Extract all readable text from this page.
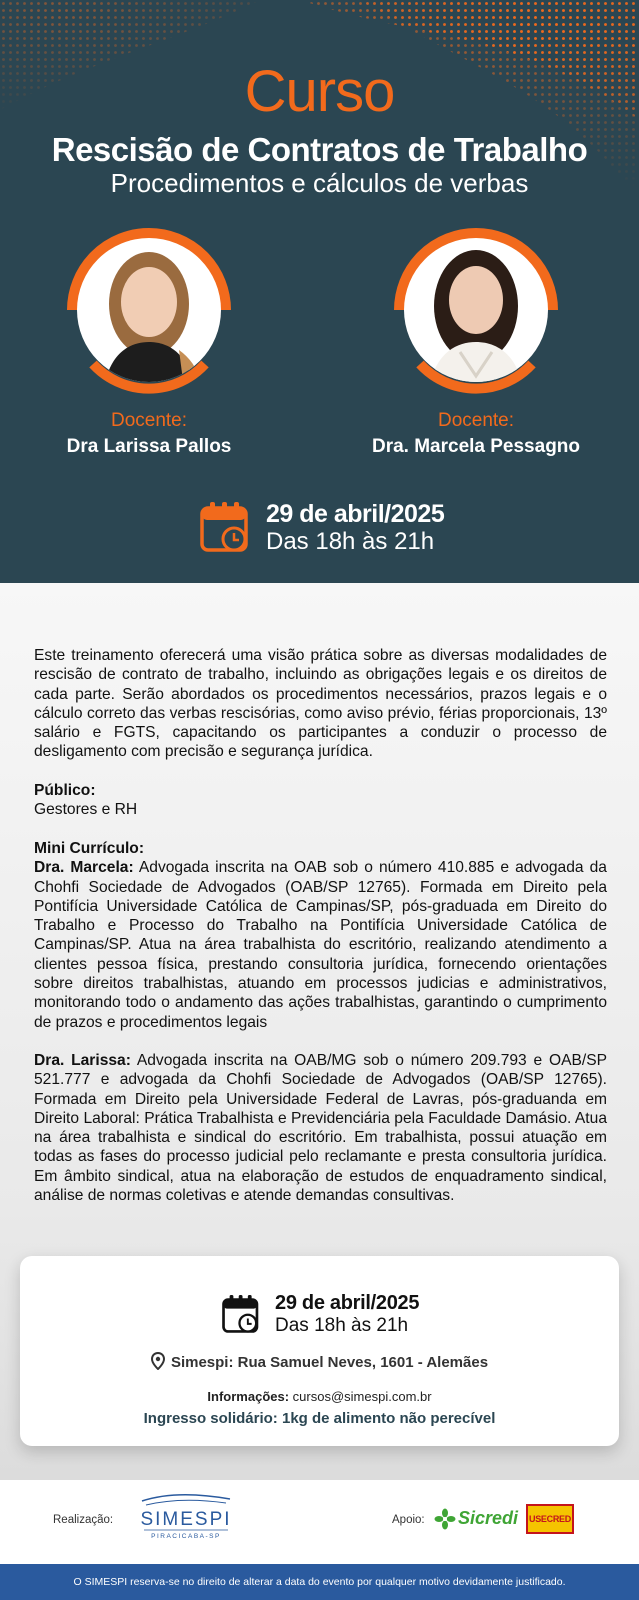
Curso
Rescisão de Contratos de Trabalho
Procedimentos e cálculos de verbas
Docente:
Dra Larissa Pallos
Docente:
Dra. Marcela Pessagno
29 de abril/2025
Das 18h às 21h

Este treinamento oferecerá uma visão prática sobre as diversas modalidades de rescisão de contrato de trabalho, incluindo as obrigações legais e os direitos de cada parte. Serão abordados os procedimentos necessários, prazos legais e o cálculo correto das verbas rescisórias, como aviso prévio, férias proporcionais, 13º salário e FGTS, capacitando os participantes a conduzir o processo de desligamento com precisão e segurança jurídica.

Público:
Gestores e RH
Mini Currículo:

Dra. Marcela: Advogada inscrita na OAB sob o número 410.885 e advogada da Chohfi Sociedade de Advogados (OAB/SP 12765). Formada em Direito pela Pontifícia Universidade Católica de Campinas/SP, pós-graduada em Direito do Trabalho e Processo do Trabalho na Pontifícia Universidade Católica de Campinas/SP. Atua na área trabalhista do escritório, realizando atendimento a clientes pessoa física, prestando consultoria jurídica, fornecendo orientações sobre direitos trabalhistas, atuando em processos judicias e administrativos, monitorando todo o andamento das ações trabalhistas, garantindo o cumprimento de prazos e procedimentos legais

Dra. Larissa: Advogada inscrita na OAB/MG sob o número 209.793 e OAB/SP 521.777 e advogada da Chohfi Sociedade de Advogados (OAB/SP 12765). Formada em Direito pela Universidade Federal de Lavras, pós-graduanda em Direito Laboral: Prática Trabalhista e Previdenciária pela Faculdade Damásio. Atua na área trabalhista e sindical do escritório. Em trabalhista, possui atuação em todas as fases do processo judicial pelo reclamante e presta consultoria jurídica. Em âmbito sindical, atua na elaboração de estudos de enquadramento sindical, análise de normas coletivas e atende demandas consultivas.

29 de abril/2025
Das 18h às 21h
Simespi: Rua Samuel Neves, 1601 - Alemães
Informações: cursos@simespi.com.br
Ingresso solidário: 1kg de alimento não perecível
Realização: SIMESPI
PIRACICABA-SP
Apoio: Sicredi USECRED
O SIMESPI reserva-se no direito de alterar a data do evento por qualquer motivo devidamente justificado.
